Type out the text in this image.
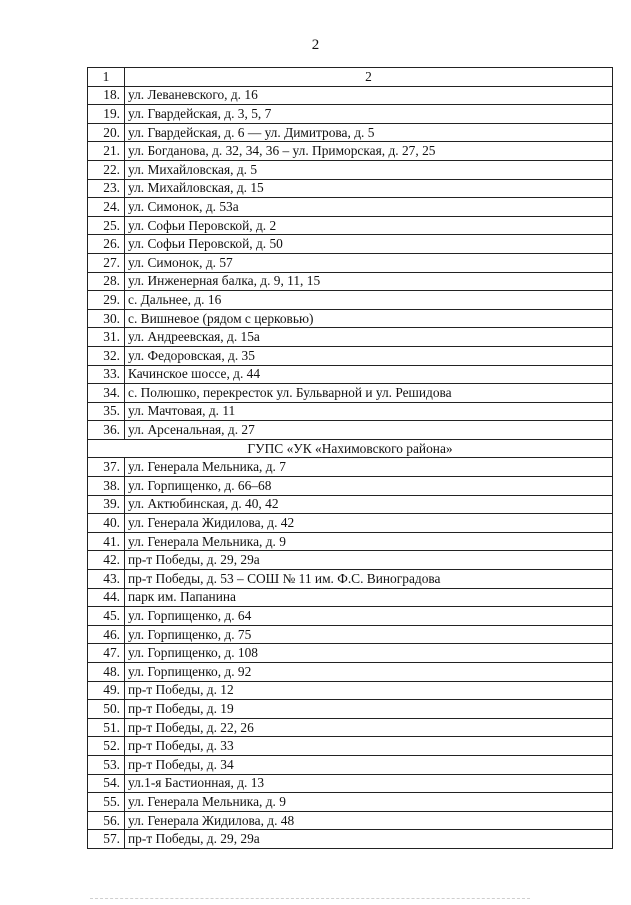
2
1	2
18.	ул. Леваневского, д. 16
19.	ул. Гвардейская, д. 3, 5, 7
20.	ул. Гвардейская, д. 6 — ул. Димитрова, д. 5
21.	ул. Богданова, д. 32, 34, 36 – ул. Приморская, д. 27, 25
22.	ул. Михайловская, д. 5
23.	ул. Михайловская, д. 15
24.	ул. Симонок, д. 53а
25.	ул. Софьи Перовской, д. 2
26.	ул. Софьи Перовской, д. 50
27.	ул. Симонок, д. 57
28.	ул. Инженерная балка, д. 9, 11, 15
29.	с. Дальнее, д. 16
30.	с. Вишневое (рядом с церковью)
31.	ул. Андреевская, д. 15а
32.	ул. Федоровская, д. 35
33.	Качинское шоссе, д. 44
34.	с. Полюшко, перекресток ул. Бульварной и ул. Решидова
35.	ул. Мачтовая, д. 11
36.	ул. Арсенальная, д. 27
ГУПС «УК «Нахимовского района»	
37.	ул. Генерала Мельника, д. 7
38.	ул. Горпищенко, д. 66–68
39.	ул. Актюбинская, д. 40, 42
40.	ул. Генерала Жидилова, д. 42
41.	ул. Генерала Мельника, д. 9
42.	пр-т Победы, д. 29, 29а
43.	пр-т Победы, д. 53 – СОШ № 11 им. Ф.С. Виноградова
44.	парк им. Папанина
45.	ул. Горпищенко, д. 64
46.	ул. Горпищенко, д. 75
47.	ул. Горпищенко, д. 108
48.	ул. Горпищенко, д. 92
49.	пр-т Победы, д. 12
50.	пр-т Победы, д. 19
51.	пр-т Победы, д. 22, 26
52.	пр-т Победы, д. 33
53.	пр-т Победы, д. 34
54.	ул.1-я Бастионная, д. 13
55.	ул. Генерала Мельника, д. 9
56.	ул. Генерала Жидилова, д. 48
57.	пр-т Победы, д. 29, 29а
